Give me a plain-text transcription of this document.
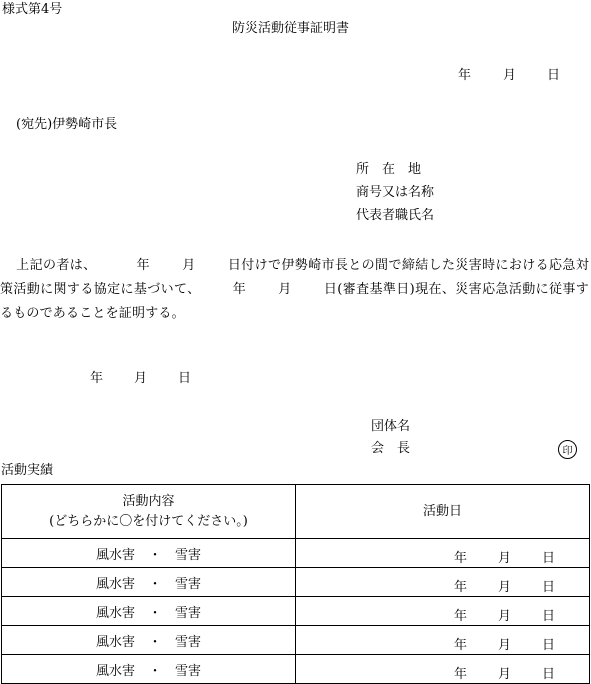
様式第4号
防災活動従事証明書
年 月 日
(宛先)伊勢崎市長
所　在　地
商号又は名称
代表者職氏名
上記の者は、	年 月 日付けで伊勢崎市長との間で締結した災害時における応急対策活動に関する協定に基づいて、 年 月 日(審査基準日)現在、災害応急活動に従事するものであることを証明する。
年 月 日
団体名
会　長	印
活動実績
活動内容
(どちらかに〇を付けてください。)	活動日
風水害 ・ 雪害	年 月 日

風水害 ・ 雪害	年 月 日

風水害 ・ 雪害	年 月 日

風水害 ・ 雪害	年 月 日

風水害 ・ 雪害	年 月 日
